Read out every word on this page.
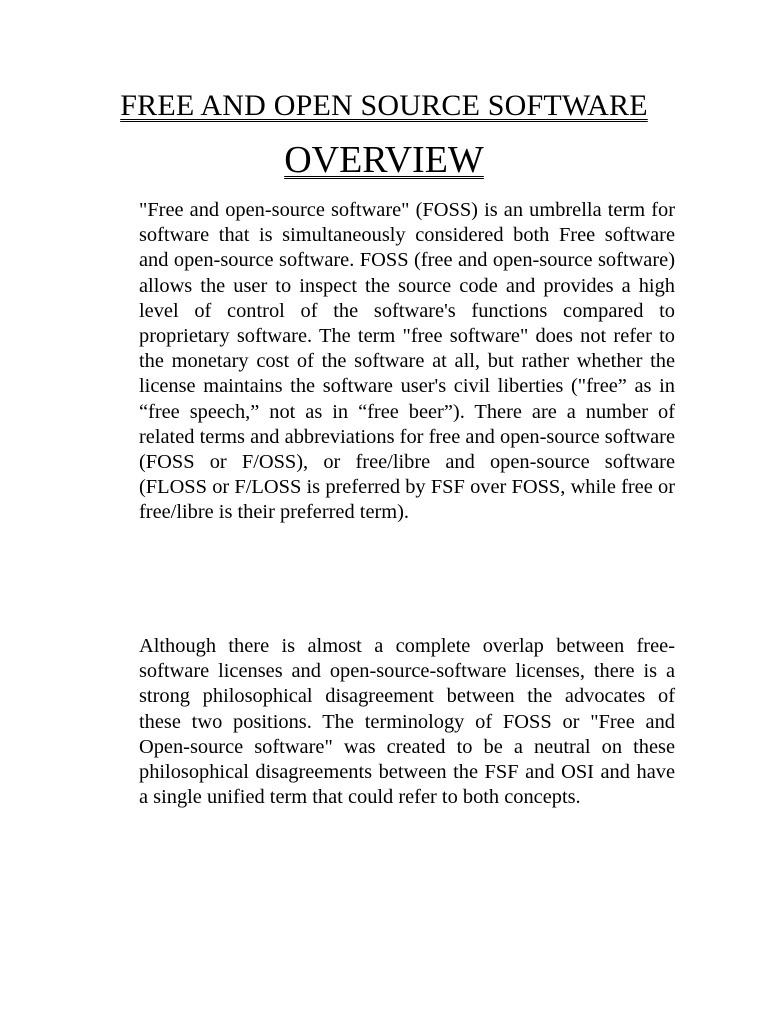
FREE AND OPEN SOURCE SOFTWARE
OVERVIEW

"Free and open-source software" (FOSS) is an umbrella term for software that is simultaneously considered both Free software and open-source software. FOSS (free and open-source software) allows the user to inspect the source code and provides a high level of control of the software's functions compared to proprietary software. The term "free software" does not refer to the monetary cost of the software at all, but rather whether the license maintains the software user's civil liberties ("free” as in “free speech,” not as in “free beer”). There are a number of related terms and abbreviations for free and open-source software (FOSS or F/OSS), or free/libre and open-source software (FLOSS or F/LOSS is preferred by FSF over FOSS, while free or free/libre is their preferred term).

Although there is almost a complete overlap between free-software licenses and open-source-software licenses, there is a strong philosophical disagreement between the advocates of these two positions. The terminology of FOSS or "Free and Open-source software" was created to be a neutral on these philosophical disagreements between the FSF and OSI and have a single unified term that could refer to both concepts.
